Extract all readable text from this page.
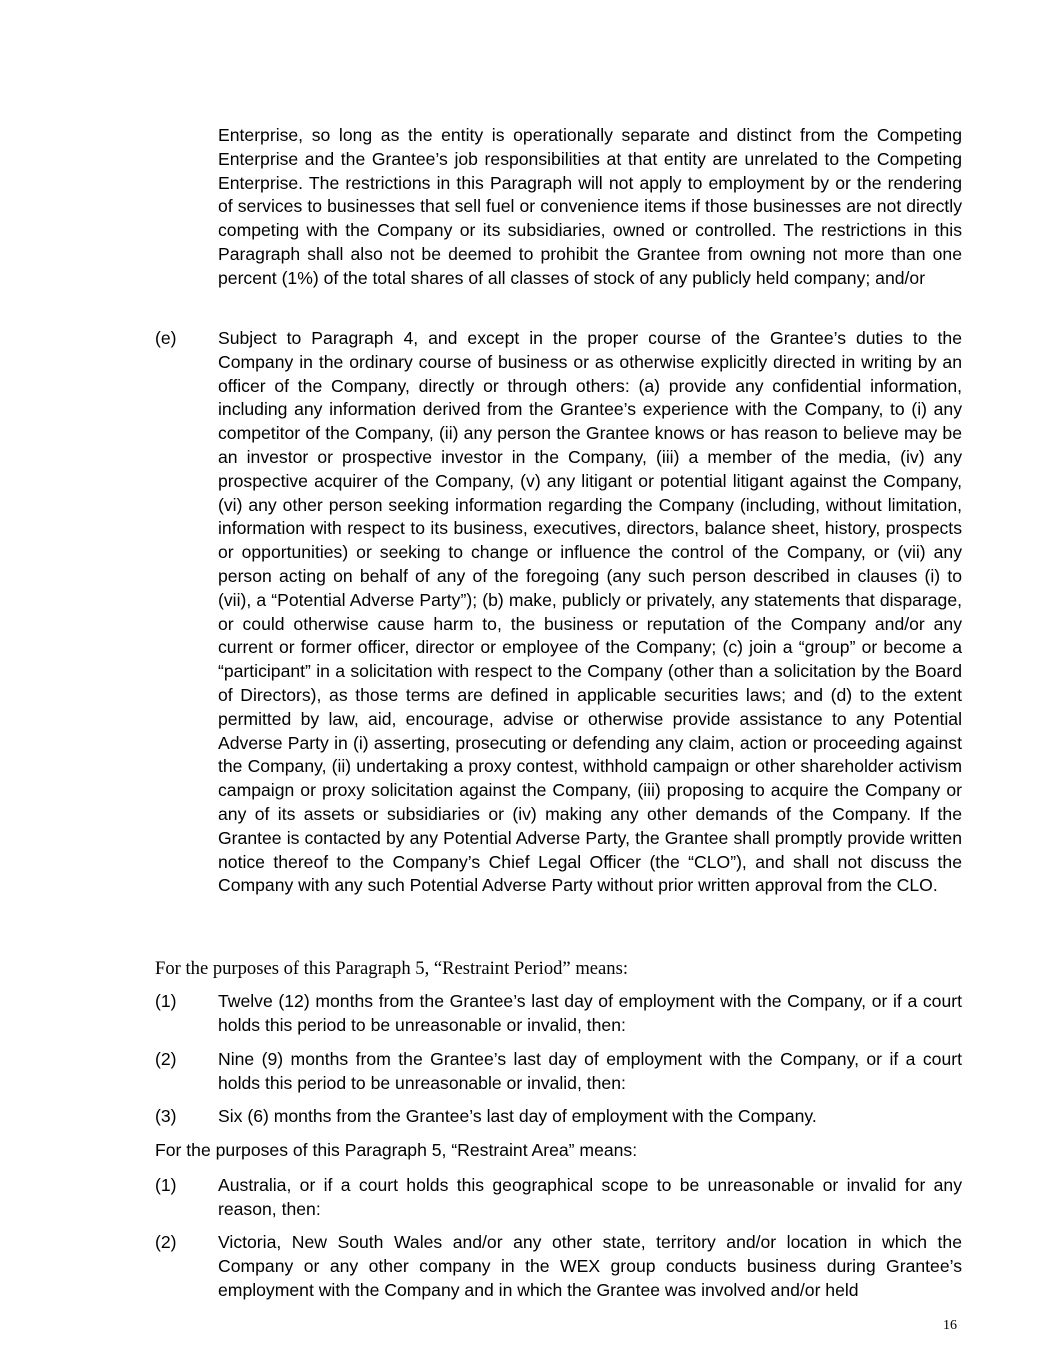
Enterprise, so long as the entity is operationally separate and distinct from the Competing Enterprise and the Grantee’s job responsibilities at that entity are unrelated to the Competing Enterprise. The restrictions in this Paragraph will not apply to employment by or the rendering of services to businesses that sell fuel or convenience items if those businesses are not directly competing with the Company or its subsidiaries, owned or controlled. The restrictions in this Paragraph shall also not be deemed to prohibit the Grantee from owning not more than one percent (1%) of the total shares of all classes of stock of any publicly held company; and/or
(e) Subject to Paragraph 4, and except in the proper course of the Grantee’s duties to the Company in the ordinary course of business or as otherwise explicitly directed in writing by an officer of the Company, directly or through others: (a) provide any confidential information, including any information derived from the Grantee’s experience with the Company, to (i) any competitor of the Company, (ii) any person the Grantee knows or has reason to believe may be an investor or prospective investor in the Company, (iii) a member of the media, (iv) any prospective acquirer of the Company, (v) any litigant or potential litigant against the Company, (vi) any other person seeking information regarding the Company (including, without limitation, information with respect to its business, executives, directors, balance sheet, history, prospects or opportunities) or seeking to change or influence the control of the Company, or (vii) any person acting on behalf of any of the foregoing (any such person described in clauses (i) to (vii), a “Potential Adverse Party”); (b) make, publicly or privately, any statements that disparage, or could otherwise cause harm to, the business or reputation of the Company and/or any current or former officer, director or employee of the Company; (c) join a “group” or become a “participant” in a solicitation with respect to the Company (other than a solicitation by the Board of Directors), as those terms are defined in applicable securities laws; and (d) to the extent permitted by law, aid, encourage, advise or otherwise provide assistance to any Potential Adverse Party in (i) asserting, prosecuting or defending any claim, action or proceeding against the Company, (ii) undertaking a proxy contest, withhold campaign or other shareholder activism campaign or proxy solicitation against the Company, (iii) proposing to acquire the Company or any of its assets or subsidiaries or (iv) making any other demands of the Company. If the Grantee is contacted by any Potential Adverse Party, the Grantee shall promptly provide written notice thereof to the Company’s Chief Legal Officer (the “CLO”), and shall not discuss the Company with any such Potential Adverse Party without prior written approval from the CLO.
For the purposes of this Paragraph 5, “Restraint Period” means:
(1) Twelve (12) months from the Grantee’s last day of employment with the Company, or if a court holds this period to be unreasonable or invalid, then:
(2) Nine (9) months from the Grantee’s last day of employment with the Company, or if a court holds this period to be unreasonable or invalid, then:
(3) Six (6) months from the Grantee’s last day of employment with the Company.
For the purposes of this Paragraph 5, “Restraint Area” means:
(1) Australia, or if a court holds this geographical scope to be unreasonable or invalid for any reason, then:
(2) Victoria, New South Wales and/or any other state, territory and/or location in which the Company or any other company in the WEX group conducts business during Grantee’s employment with the Company and in which the Grantee was involved and/or held
16
